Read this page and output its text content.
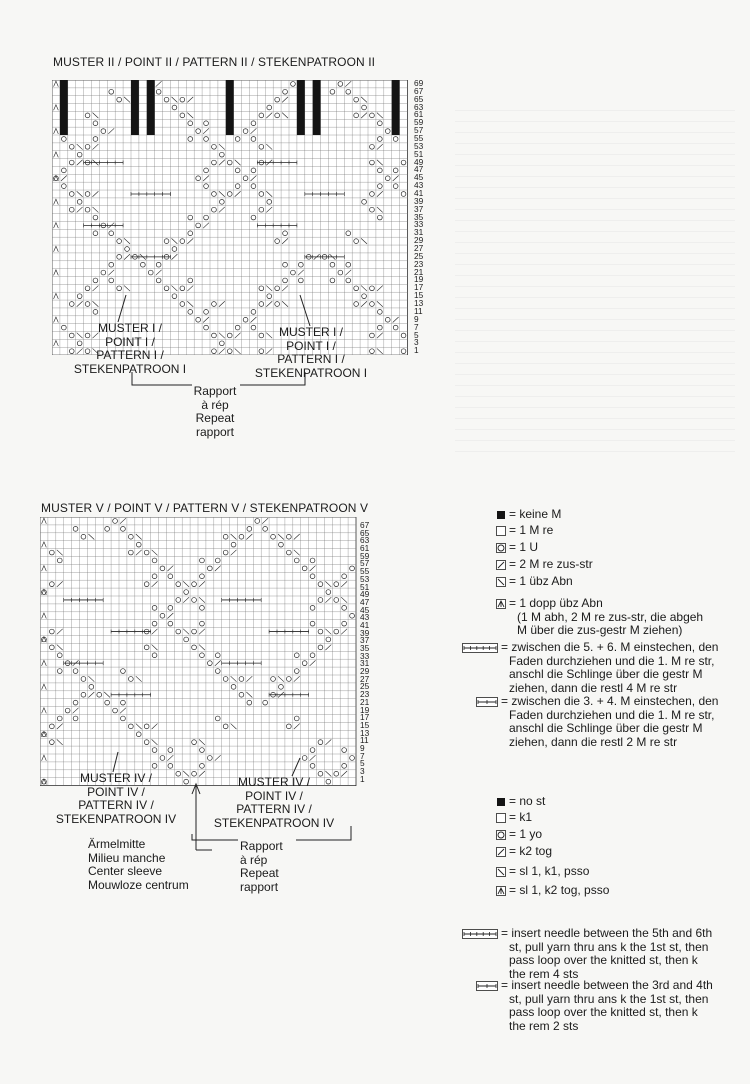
MUSTER II / POINT II / PATTERN II / STEKENPATROON II
69
67
65
63
61
59
57
55
53
51
49
47
45
43
41
39
37
35
33
31
29
27
25
23
21
19
17
15
13
11
9
7
5
3
1
MUSTER I /
POINT I /
PATTERN I /
STEKENPATROON I
MUSTER I /
POINT I /
PATTERN I /
STEKENPATROON I
Rapport
à rép
Repeat
rapport
MUSTER V / POINT V / PATTERN V / STEKENPATROON V
67
65
63
61
59
57
55
53
51
49
47
45
43
41
39
37
35
33
31
29
27
25
23
21
19
17
15
13
11
9
7
5
3
1
MUSTER IV /
POINT IV /
PATTERN IV /
STEKENPATROON IV
MUSTER IV /
POINT IV /
PATTERN IV /
STEKENPATROON IV
Ärmelmitte
Milieu manche
Center sleeve
Mouwloze centrum
Rapport
à rép
Repeat
rapport
= keine M
= 1 M re
= 1 U
= 2 M re zus-str
= 1 übz Abn
= 1 dopp übz Abn
(1 M abh, 2 M re zus-str, die abgeh
M über die zus-gestr M ziehen)
= zwischen die 5. + 6. M einstechen, den
Faden durchziehen und die 1. M re str,
anschl die Schlinge über die gestr M
ziehen, dann die restl 4 M re str
= zwischen die 3. + 4. M einstechen, den
Faden durchziehen und die 1. M re str,
anschl die Schlinge über die gestr M
ziehen, dann die restl 2 M re str
= no st
= k1
= 1 yo
= k2 tog
= sl 1, k1, psso
= sl 1, k2 tog, psso
= insert needle between the 5th and 6th
st, pull yarn thru ans k the 1st st, then
pass loop over the knitted st, then k
the rem 4 sts
= insert needle between the 3rd and 4th
st, pull yarn thru ans k the 1st st, then
pass loop over the knitted st, then k
the rem 2 sts
